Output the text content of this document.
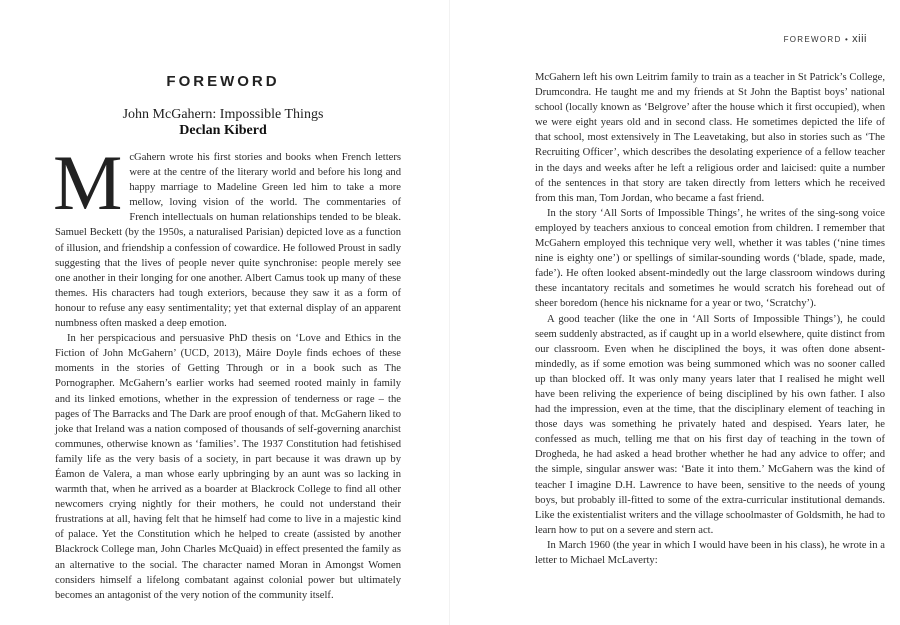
FOREWORD
John McGahern: Impossible Things
Declan Kiberd

McGahern wrote his first stories and books when French letters were at the centre of the literary world and before his long and happy marriage to Madeline Green led him to take a more mellow, loving vision of the world. The commentaries of French intellectuals on human relationships tended to be bleak. Samuel Beckett (by the 1950s, a naturalised Parisian) depicted love as a function of illusion, and friendship a confession of cowardice. He followed Proust in sadly suggesting that the lives of people never quite synchronise: people merely see one another in their longing for one another. Albert Camus took up many of these themes. His characters had tough exteriors, because they saw it as a form of honour to refuse any easy sentimentality; yet that external display of an apparent numbness often masked a deep emotion.

In her perspicacious and persuasive PhD thesis on ‘Love and Ethics in the Fiction of John McGahern’ (UCD, 2013), Máire Doyle finds echoes of these moments in the stories of Getting Through or in a book such as The Pornographer. McGahern’s earlier works had seemed rooted mainly in family and its linked emotions, whether in the expression of tenderness or rage – the pages of The Barracks and The Dark are proof enough of that. McGahern liked to joke that Ireland was a nation composed of thousands of self-governing anarchist communes, otherwise known as ‘families’. The 1937 Constitution had fetishised family life as the very basis of a society, in part because it was drawn up by Éamon de Valera, a man whose early upbringing by an aunt was so lacking in warmth that, when he arrived as a boarder at Blackrock College to find all other newcomers crying nightly for their mothers, he could not understand their frustrations at all, having felt that he himself had come to live in a majestic kind of palace. Yet the Constitution which he helped to create (assisted by another Blackrock College man, John Charles McQuaid) in effect presented the family as an alternative to the social. The character named Moran in Amongst Women considers himself a lifelong combatant against colonial power but ultimately becomes an antagonist of the very notion of the community itself.

FOREWORD • xiii

McGahern left his own Leitrim family to train as a teacher in St Patrick’s College, Drumcondra. He taught me and my friends at St John the Baptist boys’ national school (locally known as ‘Belgrove’ after the house which it first occupied), when we were eight years old and in second class. He sometimes depicted the life of that school, most extensively in The Leavetaking, but also in stories such as ‘The Recruiting Officer’, which describes the desolating experience of a fellow teacher in the days and weeks after he left a religious order and laicised: quite a number of the sentences in that story are taken directly from letters which he received from this man, Tom Jordan, who became a fast friend.

In the story ‘All Sorts of Impossible Things’, he writes of the sing-song voice employed by teachers anxious to conceal emotion from children. I remember that McGahern employed this technique very well, whether it was tables (‘nine times nine is eighty one’) or spellings of similar-sounding words (‘blade, spade, made, fade’). He often looked absent-mindedly out the large classroom windows during these incantatory recitals and sometimes he would scratch his forehead out of sheer boredom (hence his nickname for a year or two, ‘Scratchy’).

A good teacher (like the one in ‘All Sorts of Impossible Things’), he could seem suddenly abstracted, as if caught up in a world elsewhere, quite distinct from our classroom. Even when he disciplined the boys, it was often done absent-mindedly, as if some emotion was being summoned which was no sooner called up than blocked off. It was only many years later that I realised he might well have been reliving the experience of being disciplined by his own father. I also had the impression, even at the time, that the disciplinary element of teaching in those days was something he privately hated and despised. Years later, he confessed as much, telling me that on his first day of teaching in the town of Drogheda, he had asked a head brother whether he had any advice to offer; and the simple, singular answer was: ‘Bate it into them.’ McGahern was the kind of teacher I imagine D.H. Lawrence to have been, sensitive to the needs of young boys, but probably ill-fitted to some of the extra-curricular institutional demands. Like the existentialist writers and the village schoolmaster of Goldsmith, he had to learn how to put on a severe and stern act.

In March 1960 (the year in which I would have been in his class), he wrote in a letter to Michael McLaverty:
